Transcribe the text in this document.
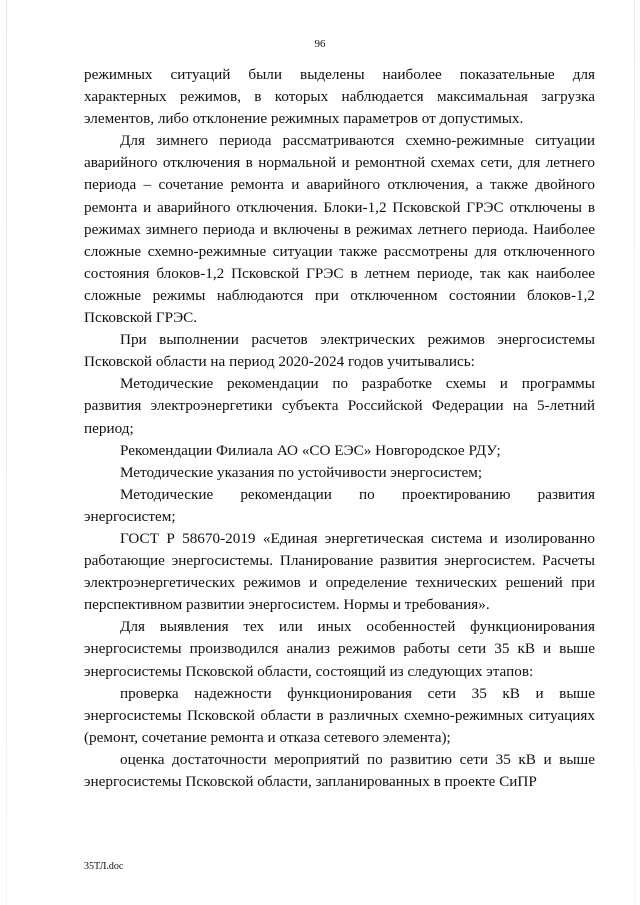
96

режимных ситуаций были выделены наиболее показательные для характерных режимов, в которых наблюдается максимальная загрузка элементов, либо отклонение режимных параметров от допустимых.

Для зимнего периода рассматриваются схемно-режимные ситуации аварийного отключения в нормальной и ремонтной схемах сети, для летнего периода – сочетание ремонта и аварийного отключения, а также двойного ремонта и аварийного отключения. Блоки-1,2 Псковской ГРЭС отключены в режимах зимнего периода и включены в режимах летнего периода. Наиболее сложные схемно-режимные ситуации также рассмотрены для отключенного состояния блоков-1,2 Псковской ГРЭС в летнем периоде, так как наиболее сложные режимы наблюдаются при отключенном состоянии блоков-1,2 Псковской ГРЭС.

При выполнении расчетов электрических режимов энергосистемы Псковской области на период 2020-2024 годов учитывались:

Методические рекомендации по разработке схемы и программы развития электроэнергетики субъекта Российской Федерации на 5-летний период;

Рекомендации Филиала АО «СО ЕЭС» Новгородское РДУ;

Методические указания по устойчивости энергосистем;

Методические рекомендации по проектированию развития энергосистем;

ГОСТ Р 58670-2019 «Единая энергетическая система и изолированно работающие энергосистемы. Планирование развития энергосистем. Расчеты электроэнергетических режимов и определение технических решений при перспективном развитии энергосистем. Нормы и требования».

Для выявления тех или иных особенностей функционирования энергосистемы производился анализ режимов работы сети 35 кВ и выше энергосистемы Псковской области, состоящий из следующих этапов:

проверка надежности функционирования сети 35 кВ и выше энергосистемы Псковской области в различных схемно-режимных ситуациях (ремонт, сочетание ремонта и отказа сетевого элемента);

оценка достаточности мероприятий по развитию сети 35 кВ и выше энергосистемы Псковской области, запланированных в проекте СиПР

35ТЛ.doc
